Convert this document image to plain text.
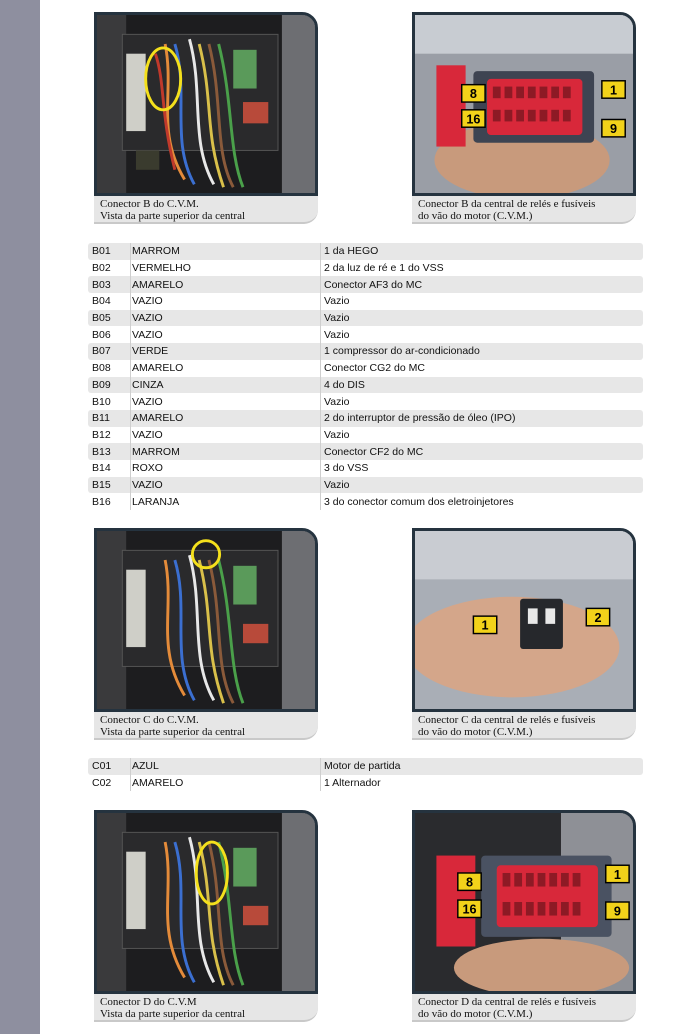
Conector B do C.V.M.
Vista da parte superior da central
8	1
16
9
Conector B da central de relés e fusíveis
do vão do motor (C.V.M.)
B01	MARROM	1 da HEGO
B02	VERMELHO	2 da luz de ré e 1 do VSS
B03	AMARELO	Conector AF3 do MC
B04	VAZIO	Vazio
B05	VAZIO	Vazio
B06	VAZIO	Vazio
B07	VERDE	1 compressor do ar-condicionado
B08	AMARELO	Conector CG2 do MC
B09	CINZA	4 do DIS
B10	VAZIO	Vazio
B11	AMARELO	2 do interruptor de pressão de óleo (IPO)
B12	VAZIO	Vazio
B13	MARROM	Conector CF2 do MC
B14	ROXO	3 do VSS
B15	VAZIO	Vazio
B16	LARANJA	3 do conector comum dos eletroinjetores
Conector C do C.V.M.
Vista da parte superior da central
1
2
Conector C da central de relés e fusíveis
do vão do motor (C.V.M.)
C01	AZUL	Motor de partida
C02	AMARELO	1 Alternador
Conector D do C.V.M
Vista da parte superior da central
8
1
16	9
Conector D da central de relés e fusíveis
do vão do motor (C.V.M.)
